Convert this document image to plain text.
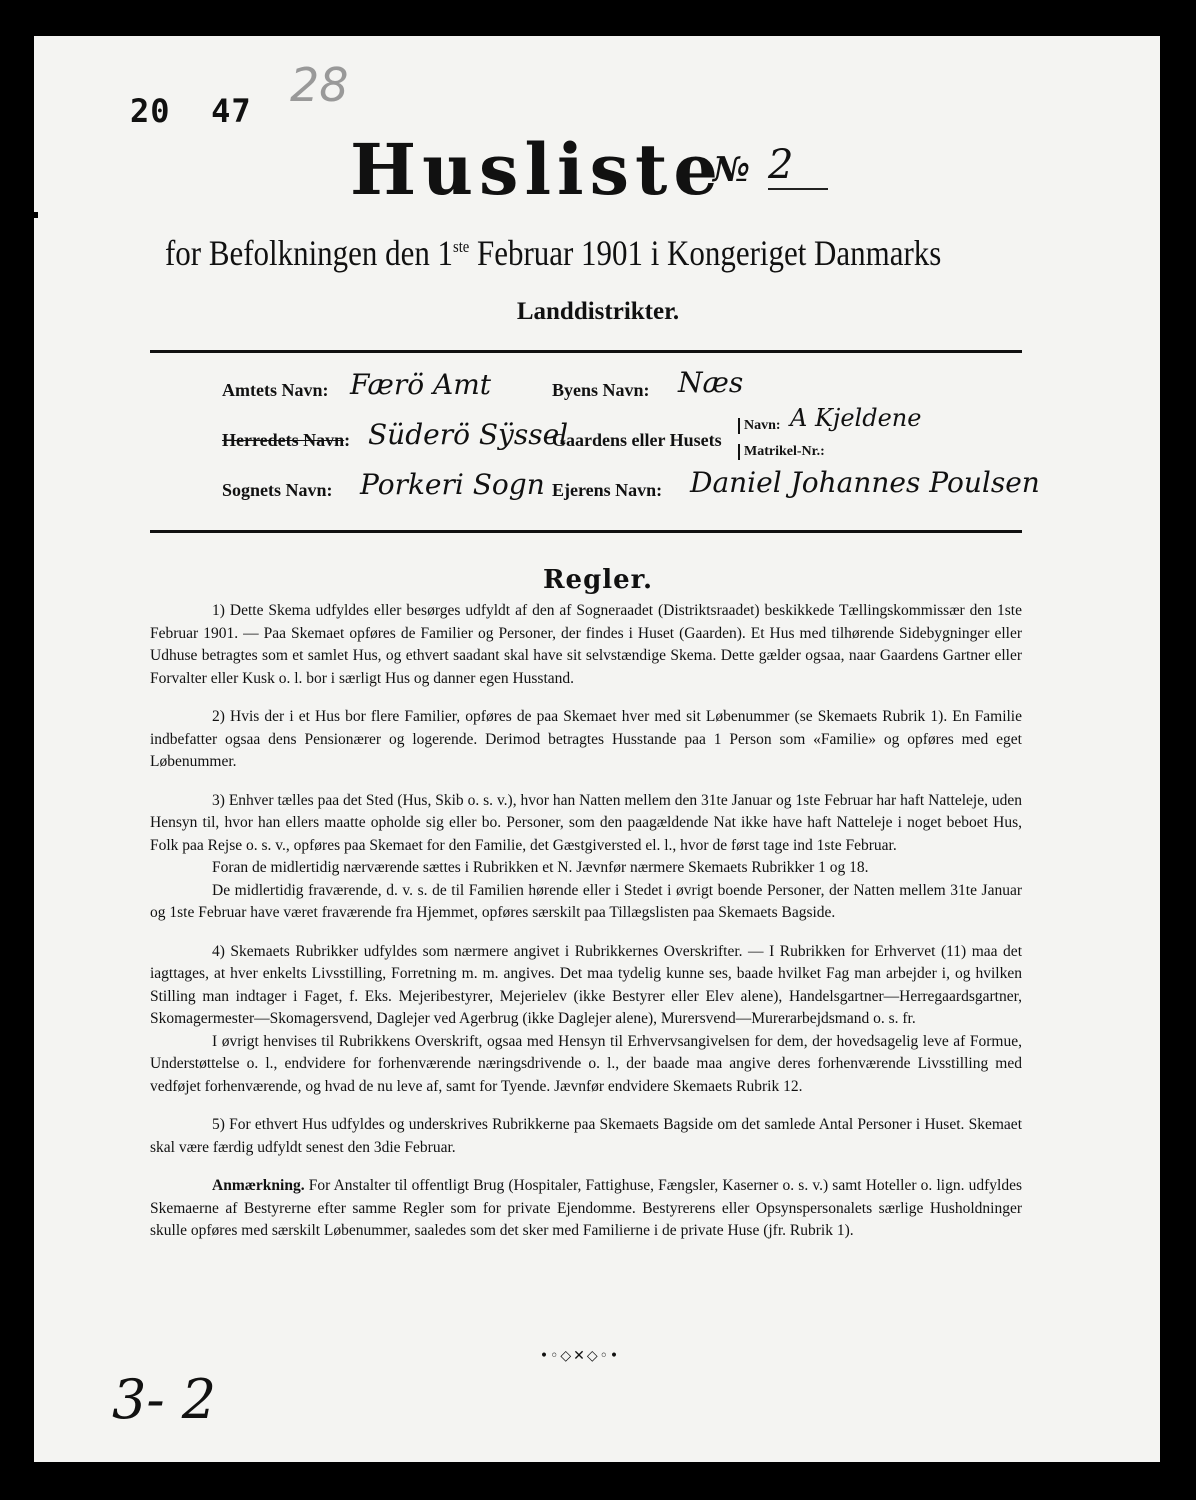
20 47 28
Husliste
№ 2
for Befolkningen den 1ste Februar 1901 i Kongeriget Danmarks
Landdistrikter.
Amtets Navn: Færö Amt	Byens Navn: Næs
Herredets Navn: Süderö Sÿssel
Gaardens eller Husets
Navn: A Kjeldene
Matrikel-Nr.:
Sognets Navn: Porkeri Sogn Ejerens Navn: Daniel Johannes Poulsen
Regler.

1) Dette Skema udfyldes eller besørges udfyldt af den af Sogneraadet (Distriktsraadet) beskikkede Tællingskommissær den 1ste Februar 1901. — Paa Skemaet opføres de Familier og Personer, der findes i Huset (Gaarden). Et Hus med tilhørende Sidebygninger eller Udhuse betragtes som et samlet Hus, og ethvert saadant skal have sit selvstændige Skema. Dette gælder ogsaa, naar Gaardens Gartner eller Forvalter eller Kusk o. l. bor i særligt Hus og danner egen Husstand.

2) Hvis der i et Hus bor flere Familier, opføres de paa Skemaet hver med sit Løbenummer (se Skemaets Rubrik 1). En Familie indbefatter ogsaa dens Pensionærer og logerende. Derimod betragtes Husstande paa 1 Person som «Familie» og opføres med eget Løbenummer.

3) Enhver tælles paa det Sted (Hus, Skib o. s. v.), hvor han Natten mellem den 31te Januar og 1ste Februar har haft Natteleje, uden Hensyn til, hvor han ellers maatte opholde sig eller bo. Personer, som den paagældende Nat ikke have haft Natteleje i noget beboet Hus, Folk paa Rejse o. s. v., opføres paa Skemaet for den Familie, det Gæstgiversted el. l., hvor de først tage ind 1ste Februar.

Foran de midlertidig nærværende sættes i Rubrikken et N. Jævnfør nærmere Skemaets Rubrikker 1 og 18.

De midlertidig fraværende, d. v. s. de til Familien hørende eller i Stedet i øvrigt boende Personer, der Natten mellem 31te Januar og 1ste Februar have været fraværende fra Hjemmet, opføres særskilt paa Tillægslisten paa Skemaets Bagside.

4) Skemaets Rubrikker udfyldes som nærmere angivet i Rubrikkernes Overskrifter. — I Rubrikken for Erhvervet (11) maa det iagttages, at hver enkelts Livsstilling, Forretning m. m. angives. Det maa tydelig kunne ses, baade hvilket Fag man arbejder i, og hvilken Stilling man indtager i Faget, f. Eks. Mejeribestyrer, Mejerielev (ikke Bestyrer eller Elev alene), Handelsgartner—Herregaardsgartner, Skomagermester—Skomagersvend, Daglejer ved Agerbrug (ikke Daglejer alene), Murersvend—Murerarbejdsmand o. s. fr.

I øvrigt henvises til Rubrikkens Overskrift, ogsaa med Hensyn til Erhvervsangivelsen for dem, der hovedsagelig leve af Formue, Understøttelse o. l., endvidere for forhenværende næringsdrivende o. l., der baade maa angive deres forhenværende Livsstilling med vedføjet forhenværende, og hvad de nu leve af, samt for Tyende. Jævnfør endvidere Skemaets Rubrik 12.

5) For ethvert Hus udfyldes og underskrives Rubrikkerne paa Skemaets Bagside om det samlede Antal Personer i Huset. Skemaet skal være færdig udfyldt senest den 3die Februar.

Anmærkning. For Anstalter til offentligt Brug (Hospitaler, Fattighuse, Fængsler, Kaserner o. s. v.) samt Hoteller o. lign. udfyldes Skemaerne af Bestyrerne efter samme Regler som for private Ejendomme. Bestyrerens eller Opsynspersonalets særlige Husholdninger skulle opføres med særskilt Løbenummer, saaledes som det sker med Familierne i de private Huse (jfr. Rubrik 1).

•◦◇✕◇◦•
3- 2
